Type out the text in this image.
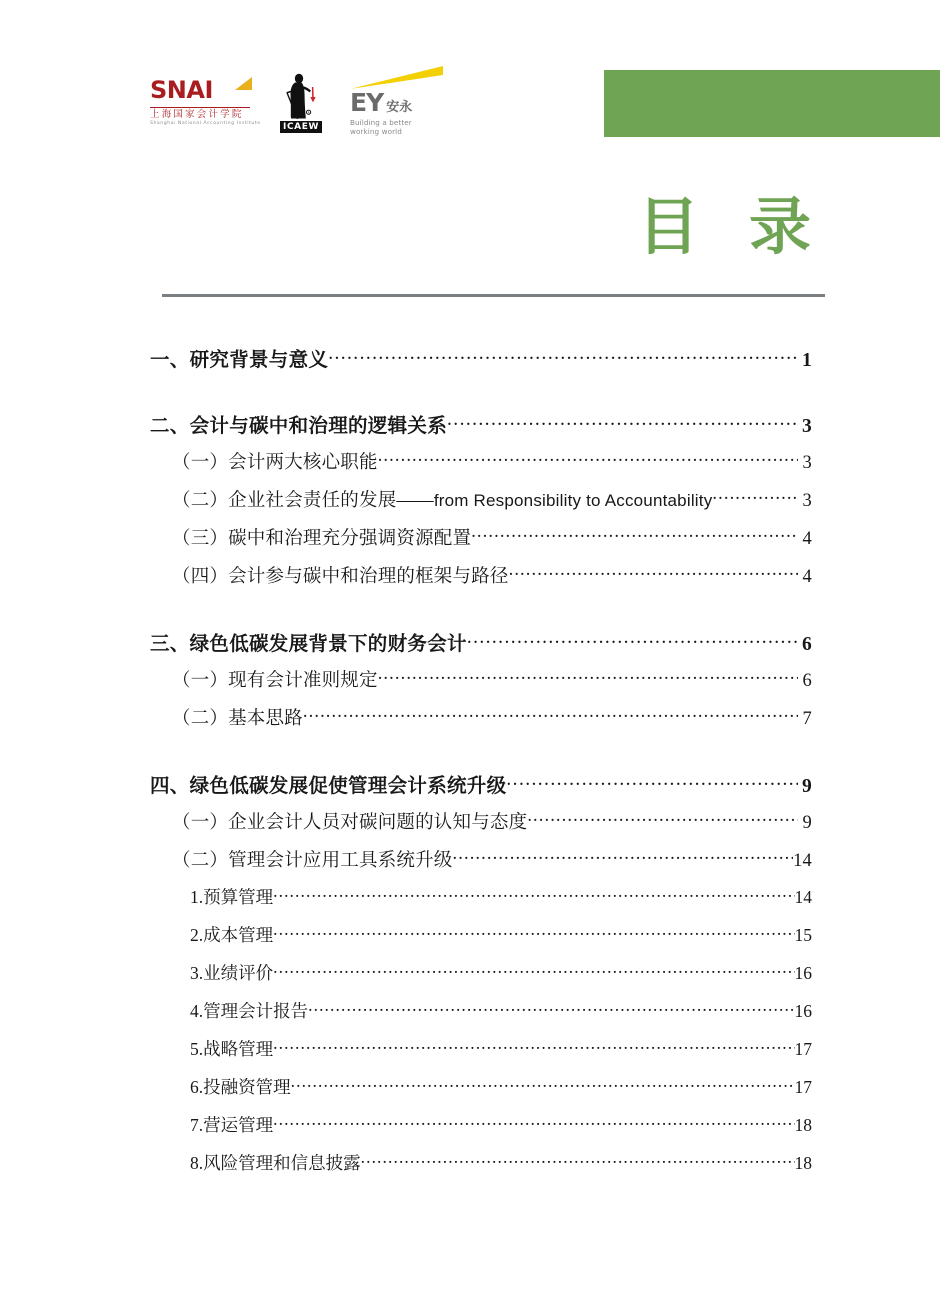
SNAI
上海国家会计学院
Shanghai National Accounting Institute
R
ICAEW
EY 安永
Building a better
working world
目 录
一、研究背景与意义 .....	1
二、会计与碳中和治理的逻辑关系 .....	3
（一）会计两大核心职能 .....	3
（二）企业社会责任的发展——from Responsibility to Accountability .....	3
（三）碳中和治理充分强调资源配置 .....	4
（四）会计参与碳中和治理的框架与路径 .....	4
三、绿色低碳发展背景下的财务会计 .....	6
（一）现有会计准则规定 .....	6
（二）基本思路 .....	7
四、绿色低碳发展促使管理会计系统升级 .....	9
（一）企业会计人员对碳问题的认知与态度 .....	9
（二）管理会计应用工具系统升级 .....	14
1.预算管理 .....	14
2.成本管理 .....	15
3.业绩评价 .....	16
4.管理会计报告 .....	16
5.战略管理 .....	17
6.投融资管理 .....	17
7.营运管理 .....	18
8.风险管理和信息披露 .....	18
